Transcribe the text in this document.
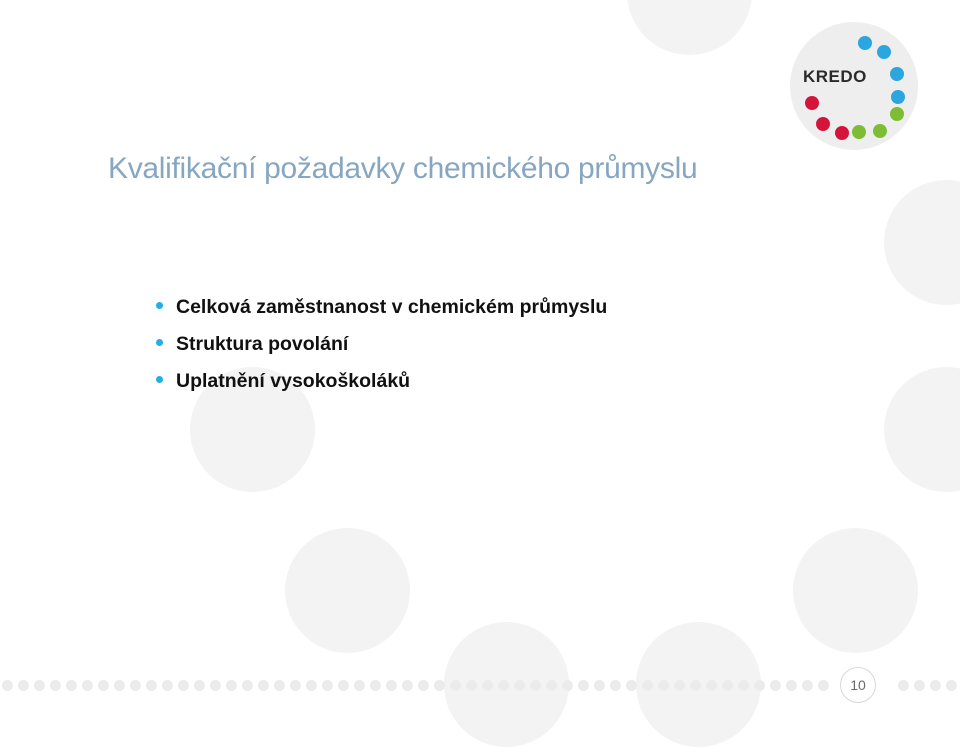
KREDO
Kvalifikační požadavky chemického průmyslu
Celková zaměstnanost v chemickém průmyslu
Struktura povolání
Uplatnění vysokoškoláků
10
